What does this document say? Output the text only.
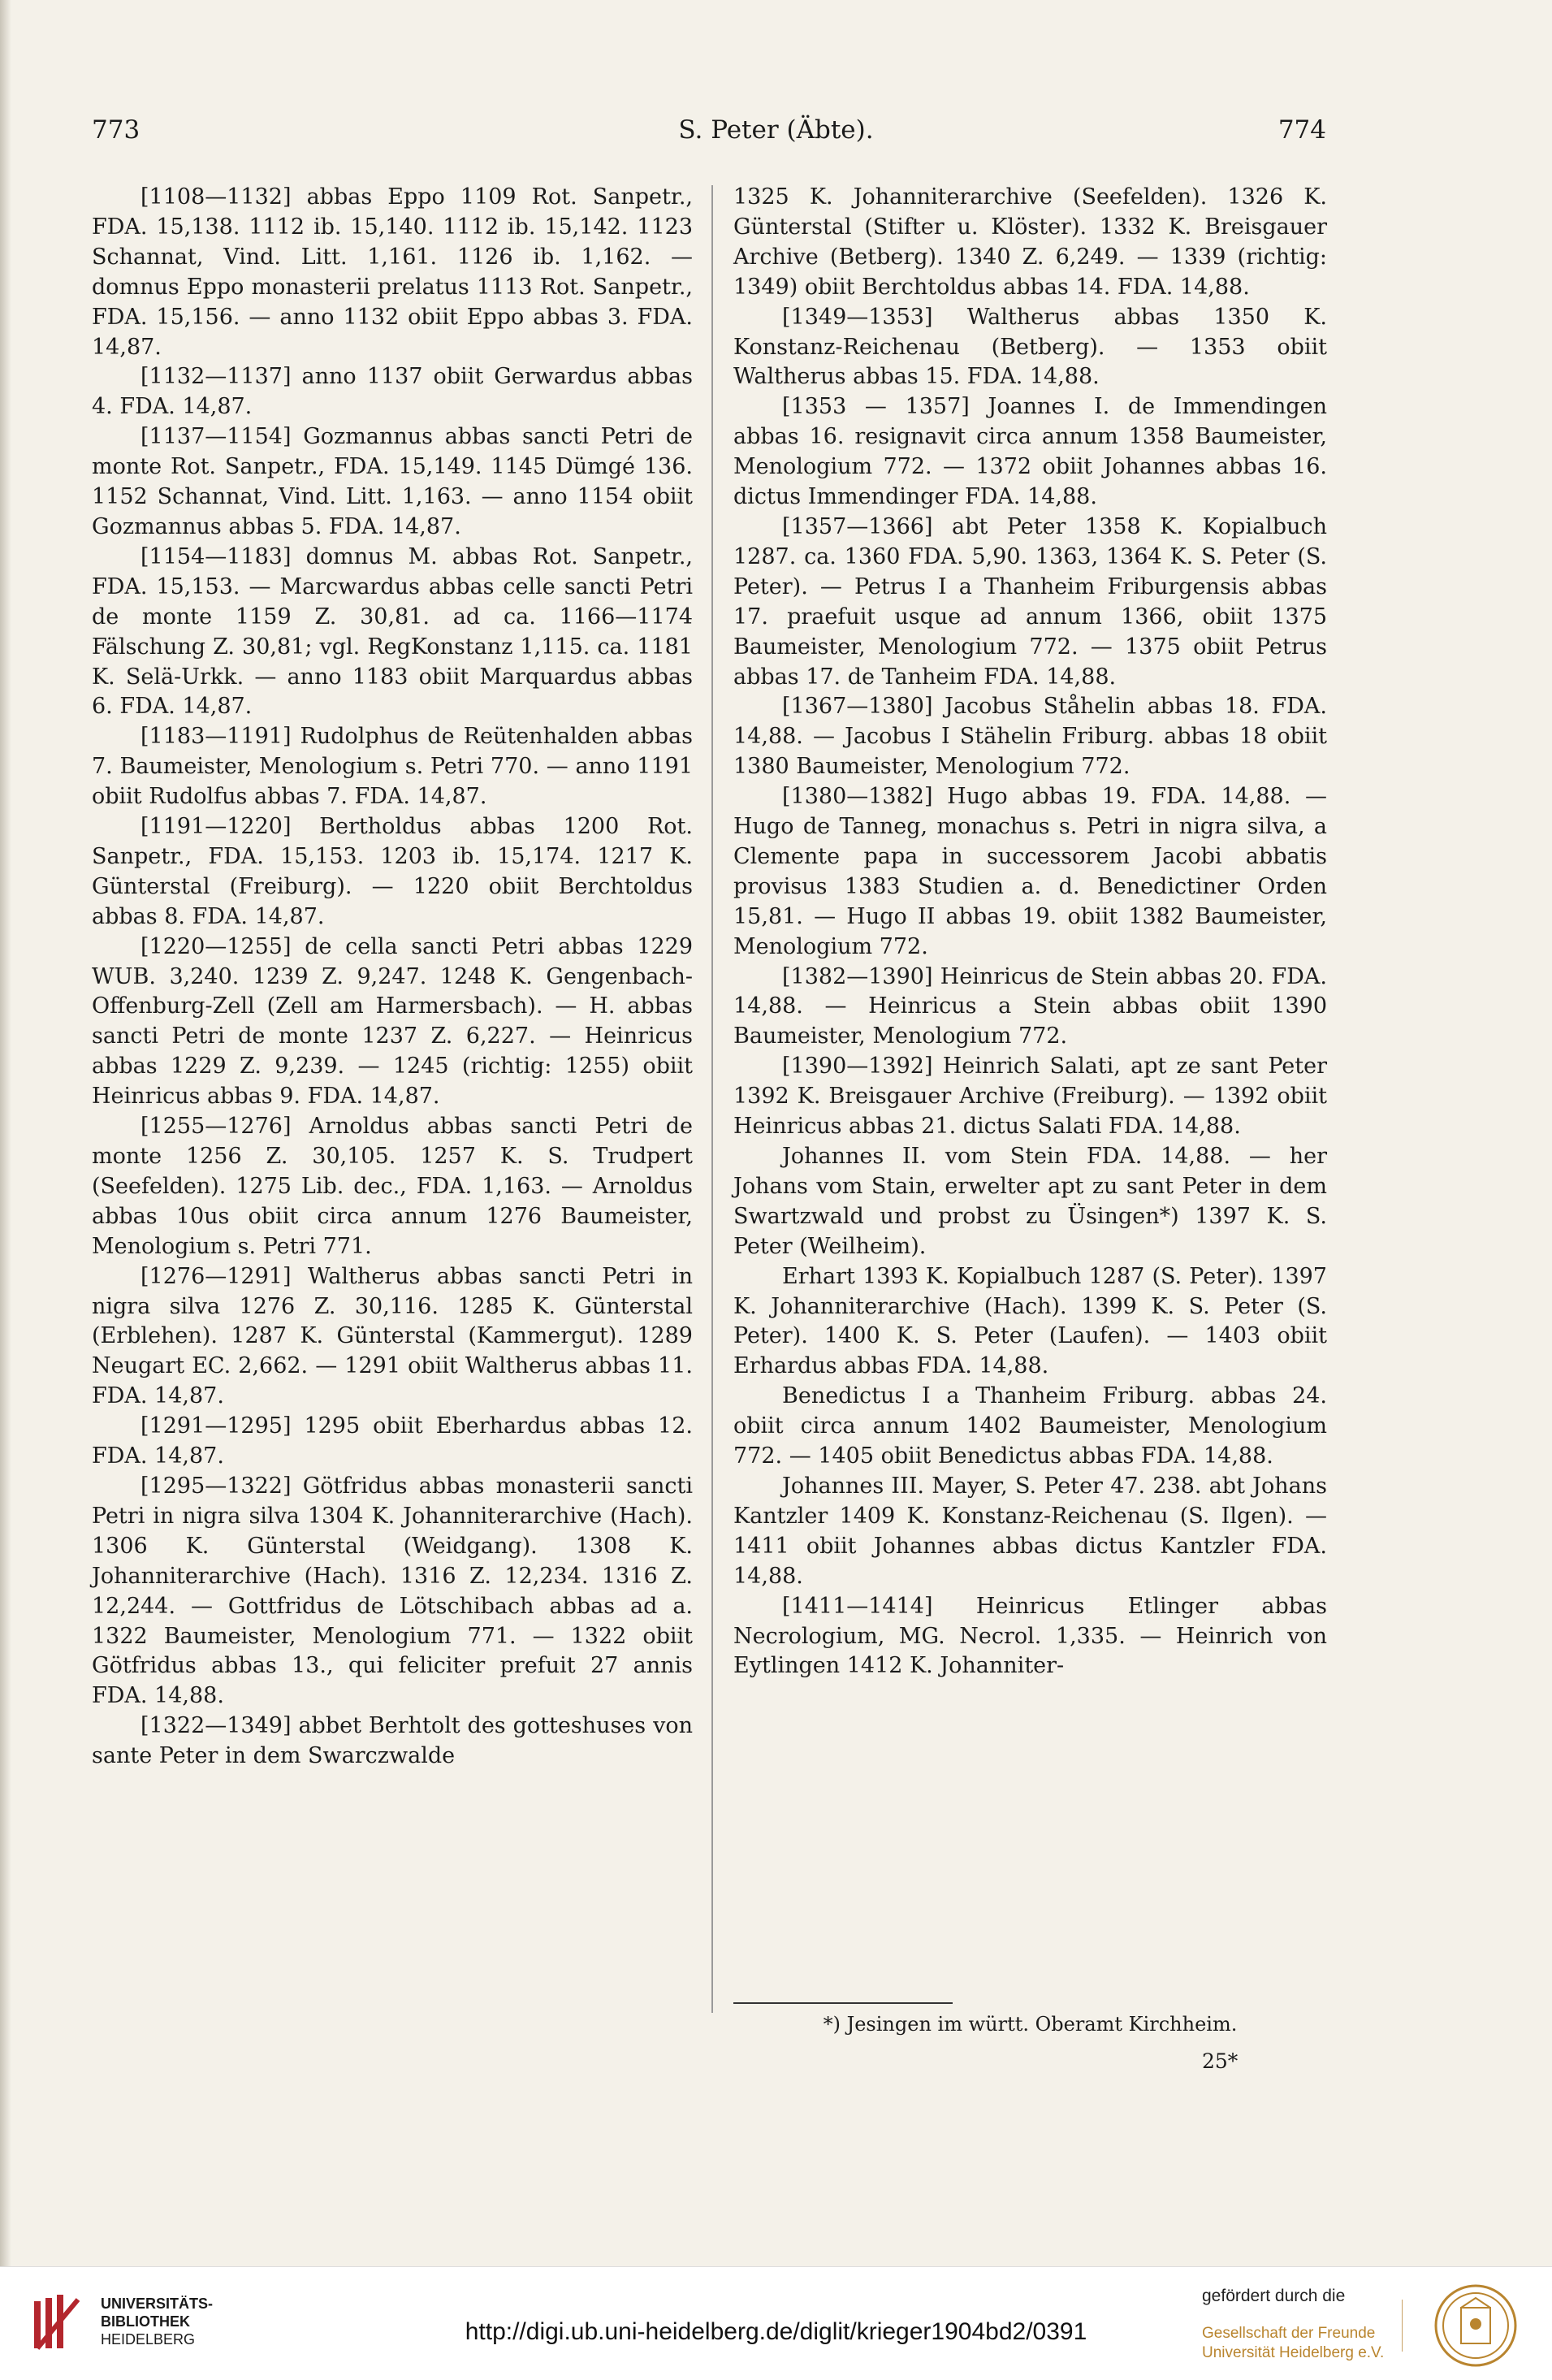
773	S. Peter (Äbte).	774

[1108—1132] abbas Eppo 1109 Rot. Sanpetr., FDA. 15,138. 1112 ib. 15,140. 1112 ib. 15,142. 1123 Schannat, Vind. Litt. 1,161. 1126 ib. 1,162. — domnus Eppo monasterii prelatus 1113 Rot. Sanpetr., FDA. 15,156. — anno 1132 obiit Eppo abbas 3. FDA. 14,87.

[1132—1137] anno 1137 obiit Gerwardus abbas 4. FDA. 14,87.

[1137—1154] Gozmannus abbas sancti Petri de monte Rot. Sanpetr., FDA. 15,149. 1145 Dümgé 136. 1152 Schannat, Vind. Litt. 1,163. — anno 1154 obiit Gozmannus abbas 5. FDA. 14,87.

[1154—1183] domnus M. abbas Rot. Sanpetr., FDA. 15,153. — Marcwardus abbas celle sancti Petri de monte 1159 Z. 30,81. ad ca. 1166—1174 Fälschung Z. 30,81; vgl. RegKonstanz 1,115. ca. 1181 K. Selä-Urkk. — anno 1183 obiit Marquardus abbas 6. FDA. 14,87.

[1183—1191] Rudolphus de Reütenhalden abbas 7. Baumeister, Menologium s. Petri 770. — anno 1191 obiit Rudolfus abbas 7. FDA. 14,87.

[1191—1220] Bertholdus abbas 1200 Rot. Sanpetr., FDA. 15,153. 1203 ib. 15,174. 1217 K. Günterstal (Freiburg). — 1220 obiit Berchtoldus abbas 8. FDA. 14,87.

[1220—1255] de cella sancti Petri abbas 1229 WUB. 3,240. 1239 Z. 9,247. 1248 K. Gengenbach-Offenburg-Zell (Zell am Harmersbach). — H. abbas sancti Petri de monte 1237 Z. 6,227. — Heinricus abbas 1229 Z. 9,239. — 1245 (richtig: 1255) obiit Heinricus abbas 9. FDA. 14,87.

[1255—1276] Arnoldus abbas sancti Petri de monte 1256 Z. 30,105. 1257 K. S. Trudpert (Seefelden). 1275 Lib. dec., FDA. 1,163. — Arnoldus abbas 10us obiit circa annum 1276 Baumeister, Menologium s. Petri 771.

[1276—1291] Waltherus abbas sancti Petri in nigra silva 1276 Z. 30,116. 1285 K. Günterstal (Erblehen). 1287 K. Günterstal (Kammergut). 1289 Neugart EC. 2,662. — 1291 obiit Waltherus abbas 11. FDA. 14,87.

[1291—1295] 1295 obiit Eberhardus abbas 12. FDA. 14,87.

[1295—1322] Götfridus abbas monasterii sancti Petri in nigra silva 1304 K. Johanniterarchive (Hach). 1306 K. Günterstal (Weidgang). 1308 K. Johanniterarchive (Hach). 1316 Z. 12,234. 1316 Z. 12,244. — Gottfridus de Lötschibach abbas ad a. 1322 Baumeister, Menologium 771. — 1322 obiit Götfridus abbas 13., qui feliciter prefuit 27 annis FDA. 14,88.

[1322—1349] abbet Berhtolt des gotteshuses von sante Peter in dem Swarczwalde

1325 K. Johanniterarchive (Seefelden). 1326 K. Günterstal (Stifter u. Klöster). 1332 K. Breisgauer Archive (Betberg). 1340 Z. 6,249. — 1339 (richtig: 1349) obiit Berchtoldus abbas 14. FDA. 14,88.

[1349—1353] Waltherus abbas 1350 K. Konstanz-Reichenau (Betberg). — 1353 obiit Waltherus abbas 15. FDA. 14,88.

[1353 — 1357] Joannes I. de Immendingen abbas 16. resignavit circa annum 1358 Baumeister, Menologium 772. — 1372 obiit Johannes abbas 16. dictus Immendinger FDA. 14,88.

[1357—1366] abt Peter 1358 K. Kopialbuch 1287. ca. 1360 FDA. 5,90. 1363, 1364 K. S. Peter (S. Peter). — Petrus I a Thanheim Friburgensis abbas 17. praefuit usque ad annum 1366, obiit 1375 Baumeister, Menologium 772. — 1375 obiit Petrus abbas 17. de Tanheim FDA. 14,88.

[1367—1380] Jacobus Ståhelin abbas 18. FDA. 14,88. — Jacobus I Stähelin Friburg. abbas 18 obiit 1380 Baumeister, Menologium 772.

[1380—1382] Hugo abbas 19. FDA. 14,88. — Hugo de Tanneg, monachus s. Petri in nigra silva, a Clemente papa in successorem Jacobi abbatis provisus 1383 Studien a. d. Benedictiner Orden 15,81. — Hugo II abbas 19. obiit 1382 Baumeister, Menologium 772.

[1382—1390] Heinricus de Stein abbas 20. FDA. 14,88. — Heinricus a Stein abbas obiit 1390 Baumeister, Menologium 772.

[1390—1392] Heinrich Salati, apt ze sant Peter 1392 K. Breisgauer Archive (Freiburg). — 1392 obiit Heinricus abbas 21. dictus Salati FDA. 14,88.

Johannes II. vom Stein FDA. 14,88. — her Johans vom Stain, erwelter apt zu sant Peter in dem Swartzwald und probst zu Üsingen*) 1397 K. S. Peter (Weilheim).

Erhart 1393 K. Kopialbuch 1287 (S. Peter). 1397 K. Johanniterarchive (Hach). 1399 K. S. Peter (S. Peter). 1400 K. S. Peter (Laufen). — 1403 obiit Erhardus abbas FDA. 14,88.

Benedictus I a Thanheim Friburg. abbas 24. obiit circa annum 1402 Baumeister, Menologium 772. — 1405 obiit Benedictus abbas FDA. 14,88.

Johannes III. Mayer, S. Peter 47. 238. abt Johans Kantzler 1409 K. Konstanz-Reichenau (S. Ilgen). — 1411 obiit Johannes abbas dictus Kantzler FDA. 14,88.

[1411—1414] Heinricus Etlinger abbas Necrologium, MG. Necrol. 1,335. — Heinrich von Eytlingen 1412 K. Johanniter-

*) Jesingen im württ. Oberamt Kirchheim.
25*
UNIVERSITÄTS-
BIBLIOTHEK
HEIDELBERG	http://digi.ub.uni-heidelberg.de/diglit/krieger1904bd2/0391
gefördert durch die
Gesellschaft der Freunde
Universität Heidelberg e.V.
